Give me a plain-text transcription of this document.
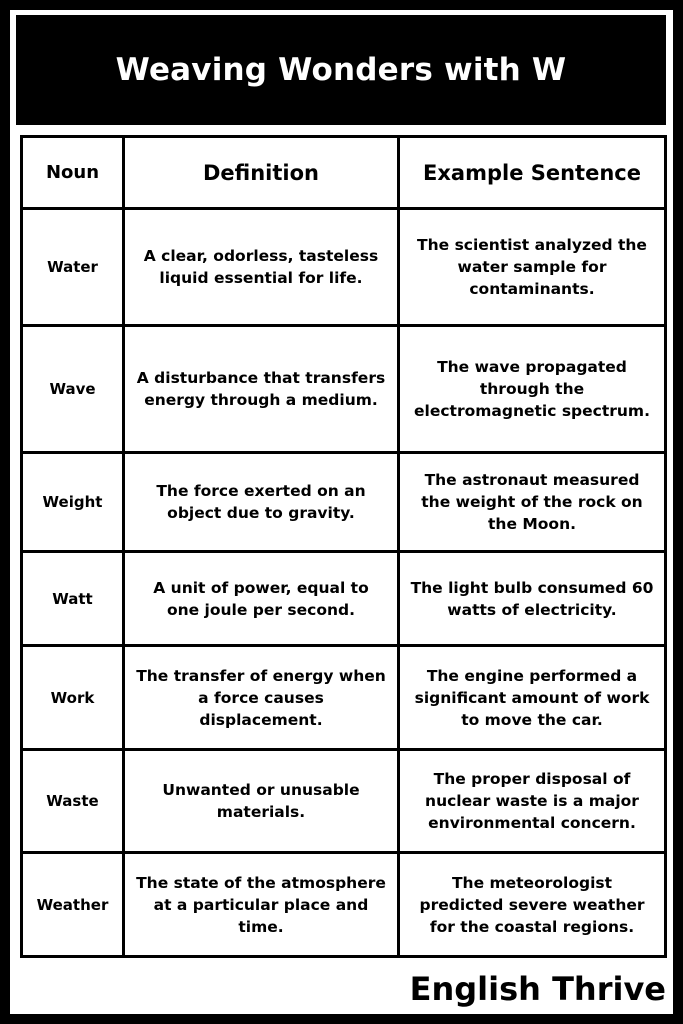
Weaving Wonders with W
Noun	Definition	Example Sentence
Water	A clear, odorless, tasteless liquid essential for life.	The scientist analyzed the water sample for contaminants.
Wave	A disturbance that transfers energy through a medium.	The wave propagated through the electromagnetic spectrum.
Weight	The force exerted on an object due to gravity.	The astronaut measured the weight of the rock on the Moon.
Watt	A unit of power, equal to one joule per second.	The light bulb consumed 60 watts of electricity.
Work	The transfer of energy when a force causes displacement.	The engine performed a significant amount of work to move the car.
Waste	Unwanted or unusable materials.	The proper disposal of nuclear waste is a major environmental concern.
Weather	The state of the atmosphere at a particular place and time.	The meteorologist predicted severe weather for the coastal regions.
English Thrive
